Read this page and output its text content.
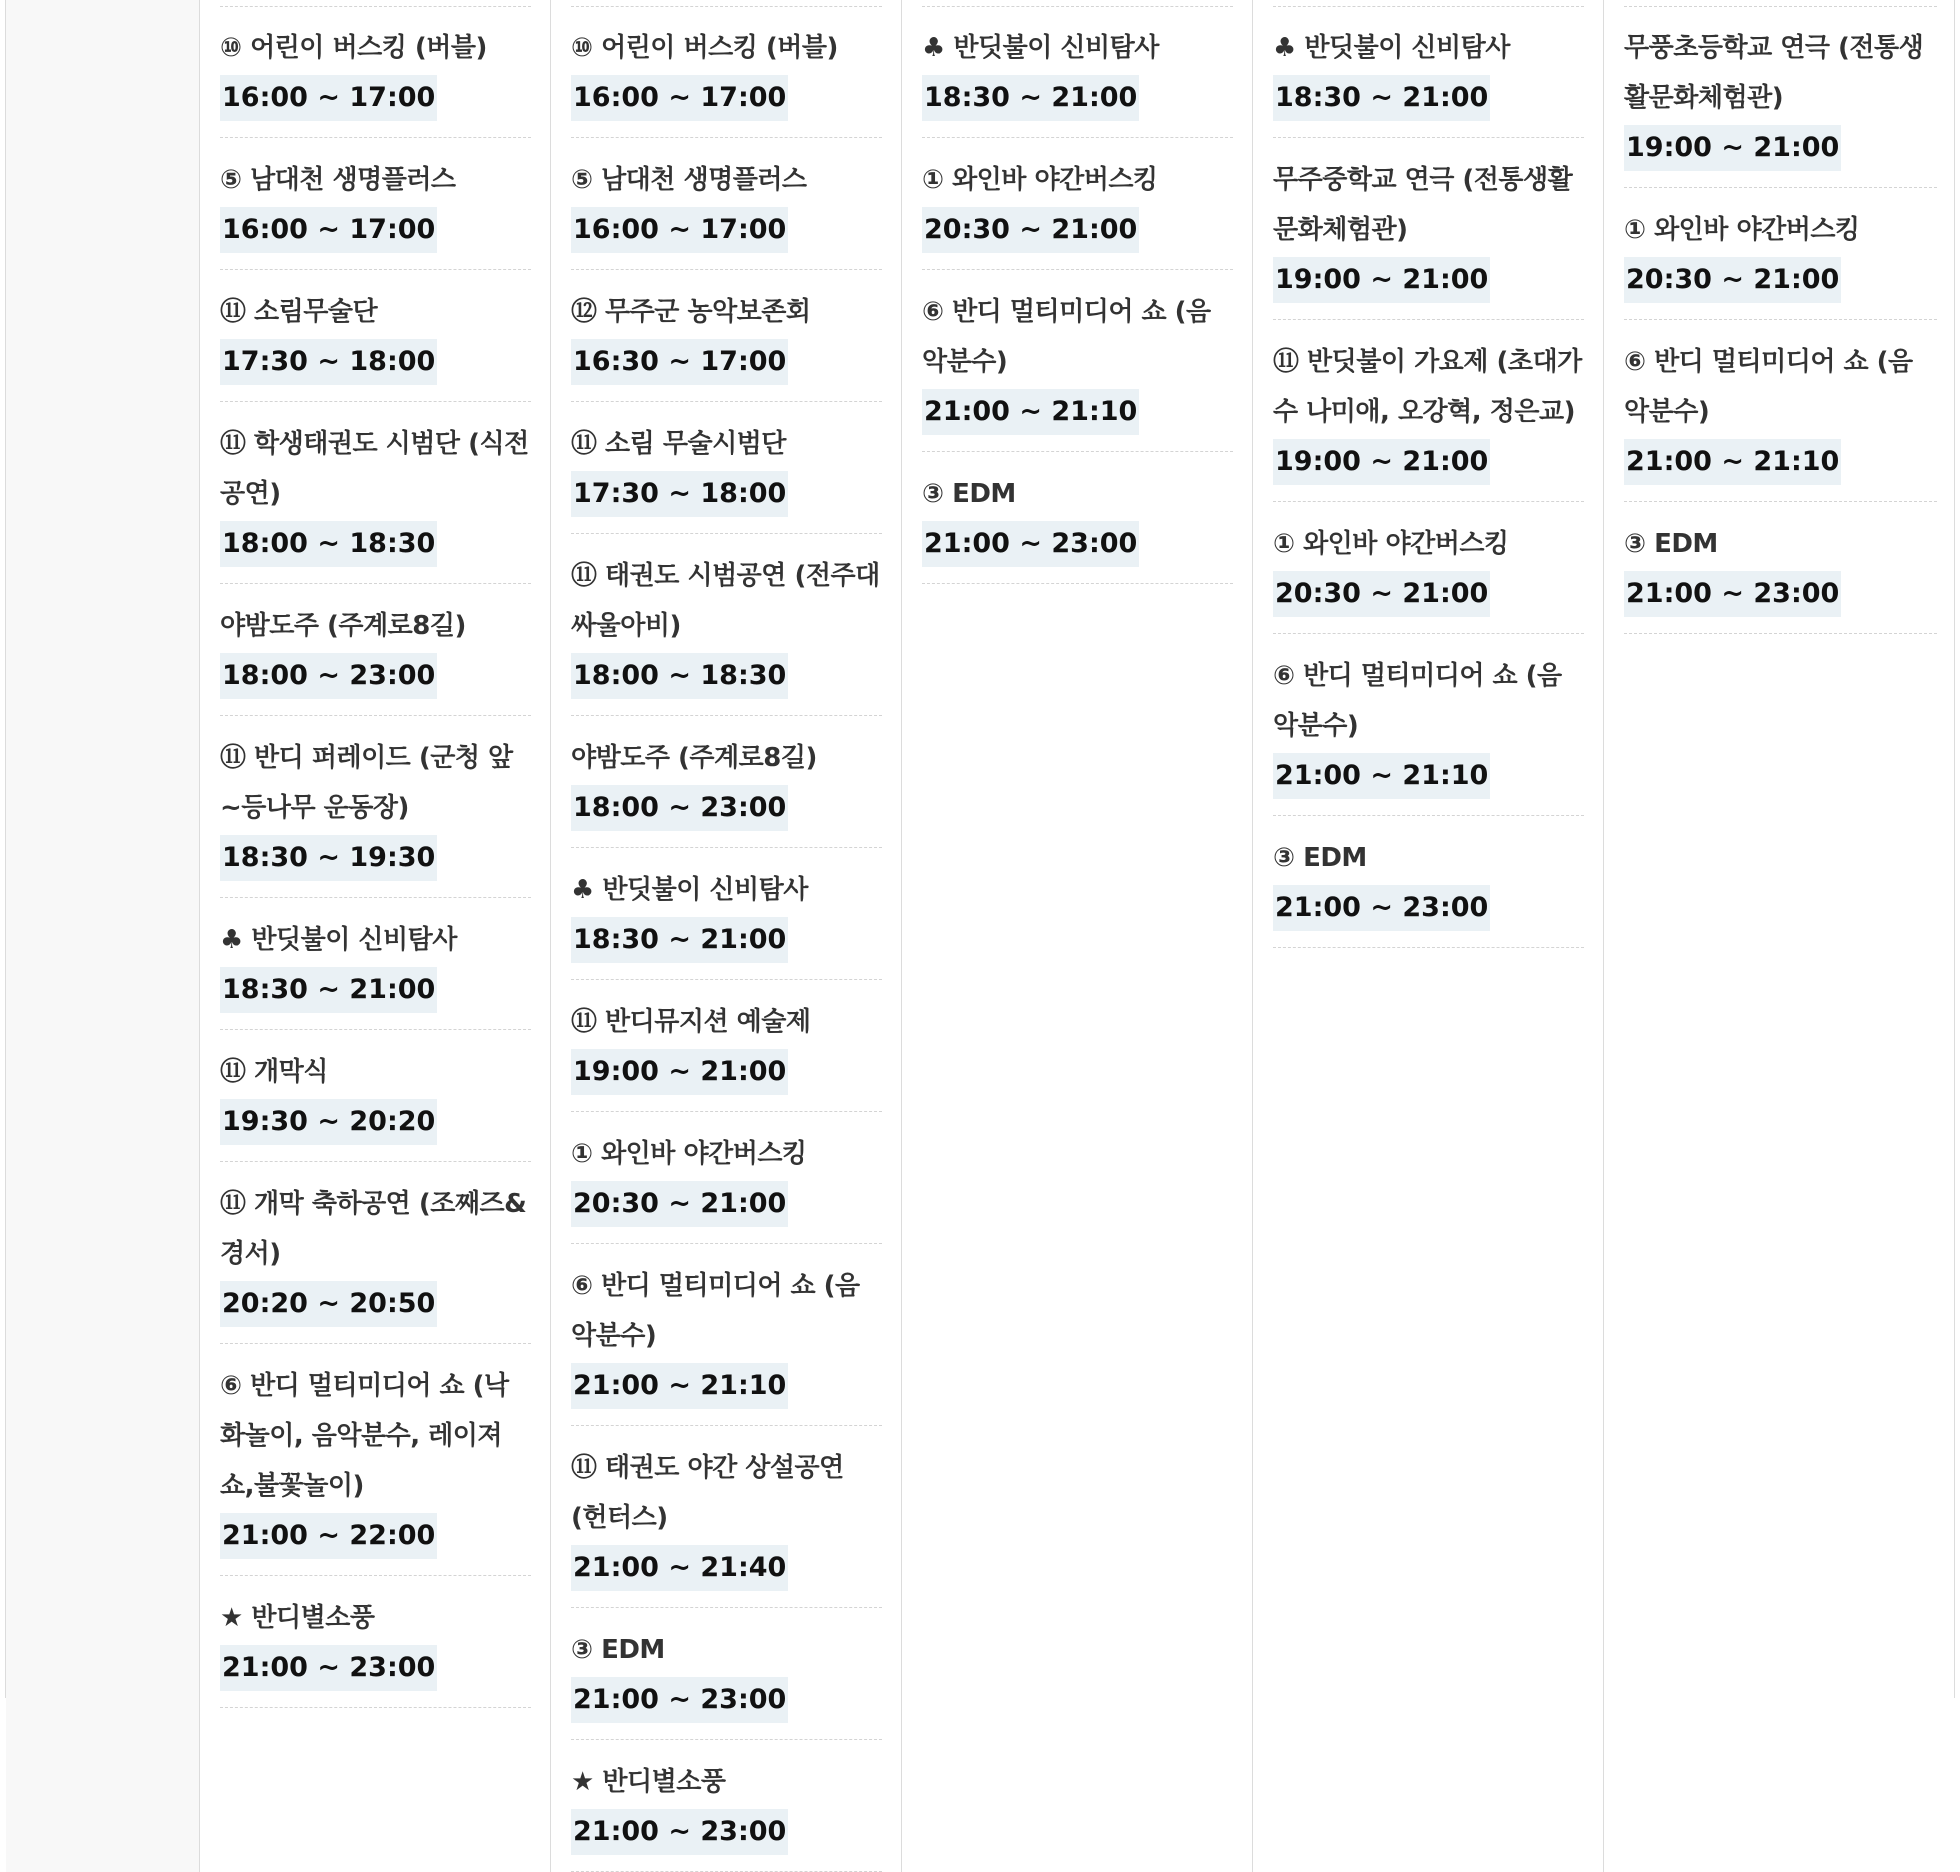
⑩ 어린이 버스킹 (버블)
16:00 ~ 17:00
⑤ 남대천 생명플러스
16:00 ~ 17:00
⑪ 소림무술단
17:30 ~ 18:00
⑪ 학생태권도 시범단 (식전공연)
18:00 ~ 18:30
야밤도주 (주계로8길)
18:00 ~ 23:00
⑪ 반디 퍼레이드 (군청 앞~등나무 운동장)
18:30 ~ 19:30
♣ 반딧불이 신비탐사
18:30 ~ 21:00
⑪ 개막식
19:30 ~ 20:20
⑪ 개막 축하공연 (조째즈&경서)
20:20 ~ 20:50
⑥ 반디 멀티미디어 쇼 (낙화놀이, 음악분수, 레이져쇼,불꽃놀이)
21:00 ~ 22:00
★ 반디별소풍
21:00 ~ 23:00
⑩ 어린이 버스킹 (버블)
16:00 ~ 17:00
⑤ 남대천 생명플러스
16:00 ~ 17:00
⑫ 무주군 농악보존회
16:30 ~ 17:00
⑪ 소림 무술시범단
17:30 ~ 18:00
⑪ 태권도 시범공연 (전주대 싸울아비)
18:00 ~ 18:30
야밤도주 (주계로8길)
18:00 ~ 23:00
♣ 반딧불이 신비탐사
18:30 ~ 21:00
⑪ 반디뮤지션 예술제
19:00 ~ 21:00
① 와인바 야간버스킹
20:30 ~ 21:00
⑥ 반디 멀티미디어 쇼 (음악분수)
21:00 ~ 21:10
⑪ 태권도 야간 상설공연 (헌터스)
21:00 ~ 21:40
③ EDM
21:00 ~ 23:00
★ 반디별소풍
21:00 ~ 23:00
♣ 반딧불이 신비탐사
18:30 ~ 21:00
① 와인바 야간버스킹
20:30 ~ 21:00
⑥ 반디 멀티미디어 쇼 (음악분수)
21:00 ~ 21:10
③ EDM
21:00 ~ 23:00
♣ 반딧불이 신비탐사
18:30 ~ 21:00
무주중학교 연극 (전통생활문화체험관)
19:00 ~ 21:00
⑪ 반딧불이 가요제 (초대가수 나미애, 오강혁, 정은교)
19:00 ~ 21:00
① 와인바 야간버스킹
20:30 ~ 21:00
⑥ 반디 멀티미디어 쇼 (음악분수)
21:00 ~ 21:10
③ EDM
21:00 ~ 23:00
무풍초등학교 연극 (전통생활문화체험관)
19:00 ~ 21:00
① 와인바 야간버스킹
20:30 ~ 21:00
⑥ 반디 멀티미디어 쇼 (음악분수)
21:00 ~ 21:10
③ EDM
21:00 ~ 23:00
